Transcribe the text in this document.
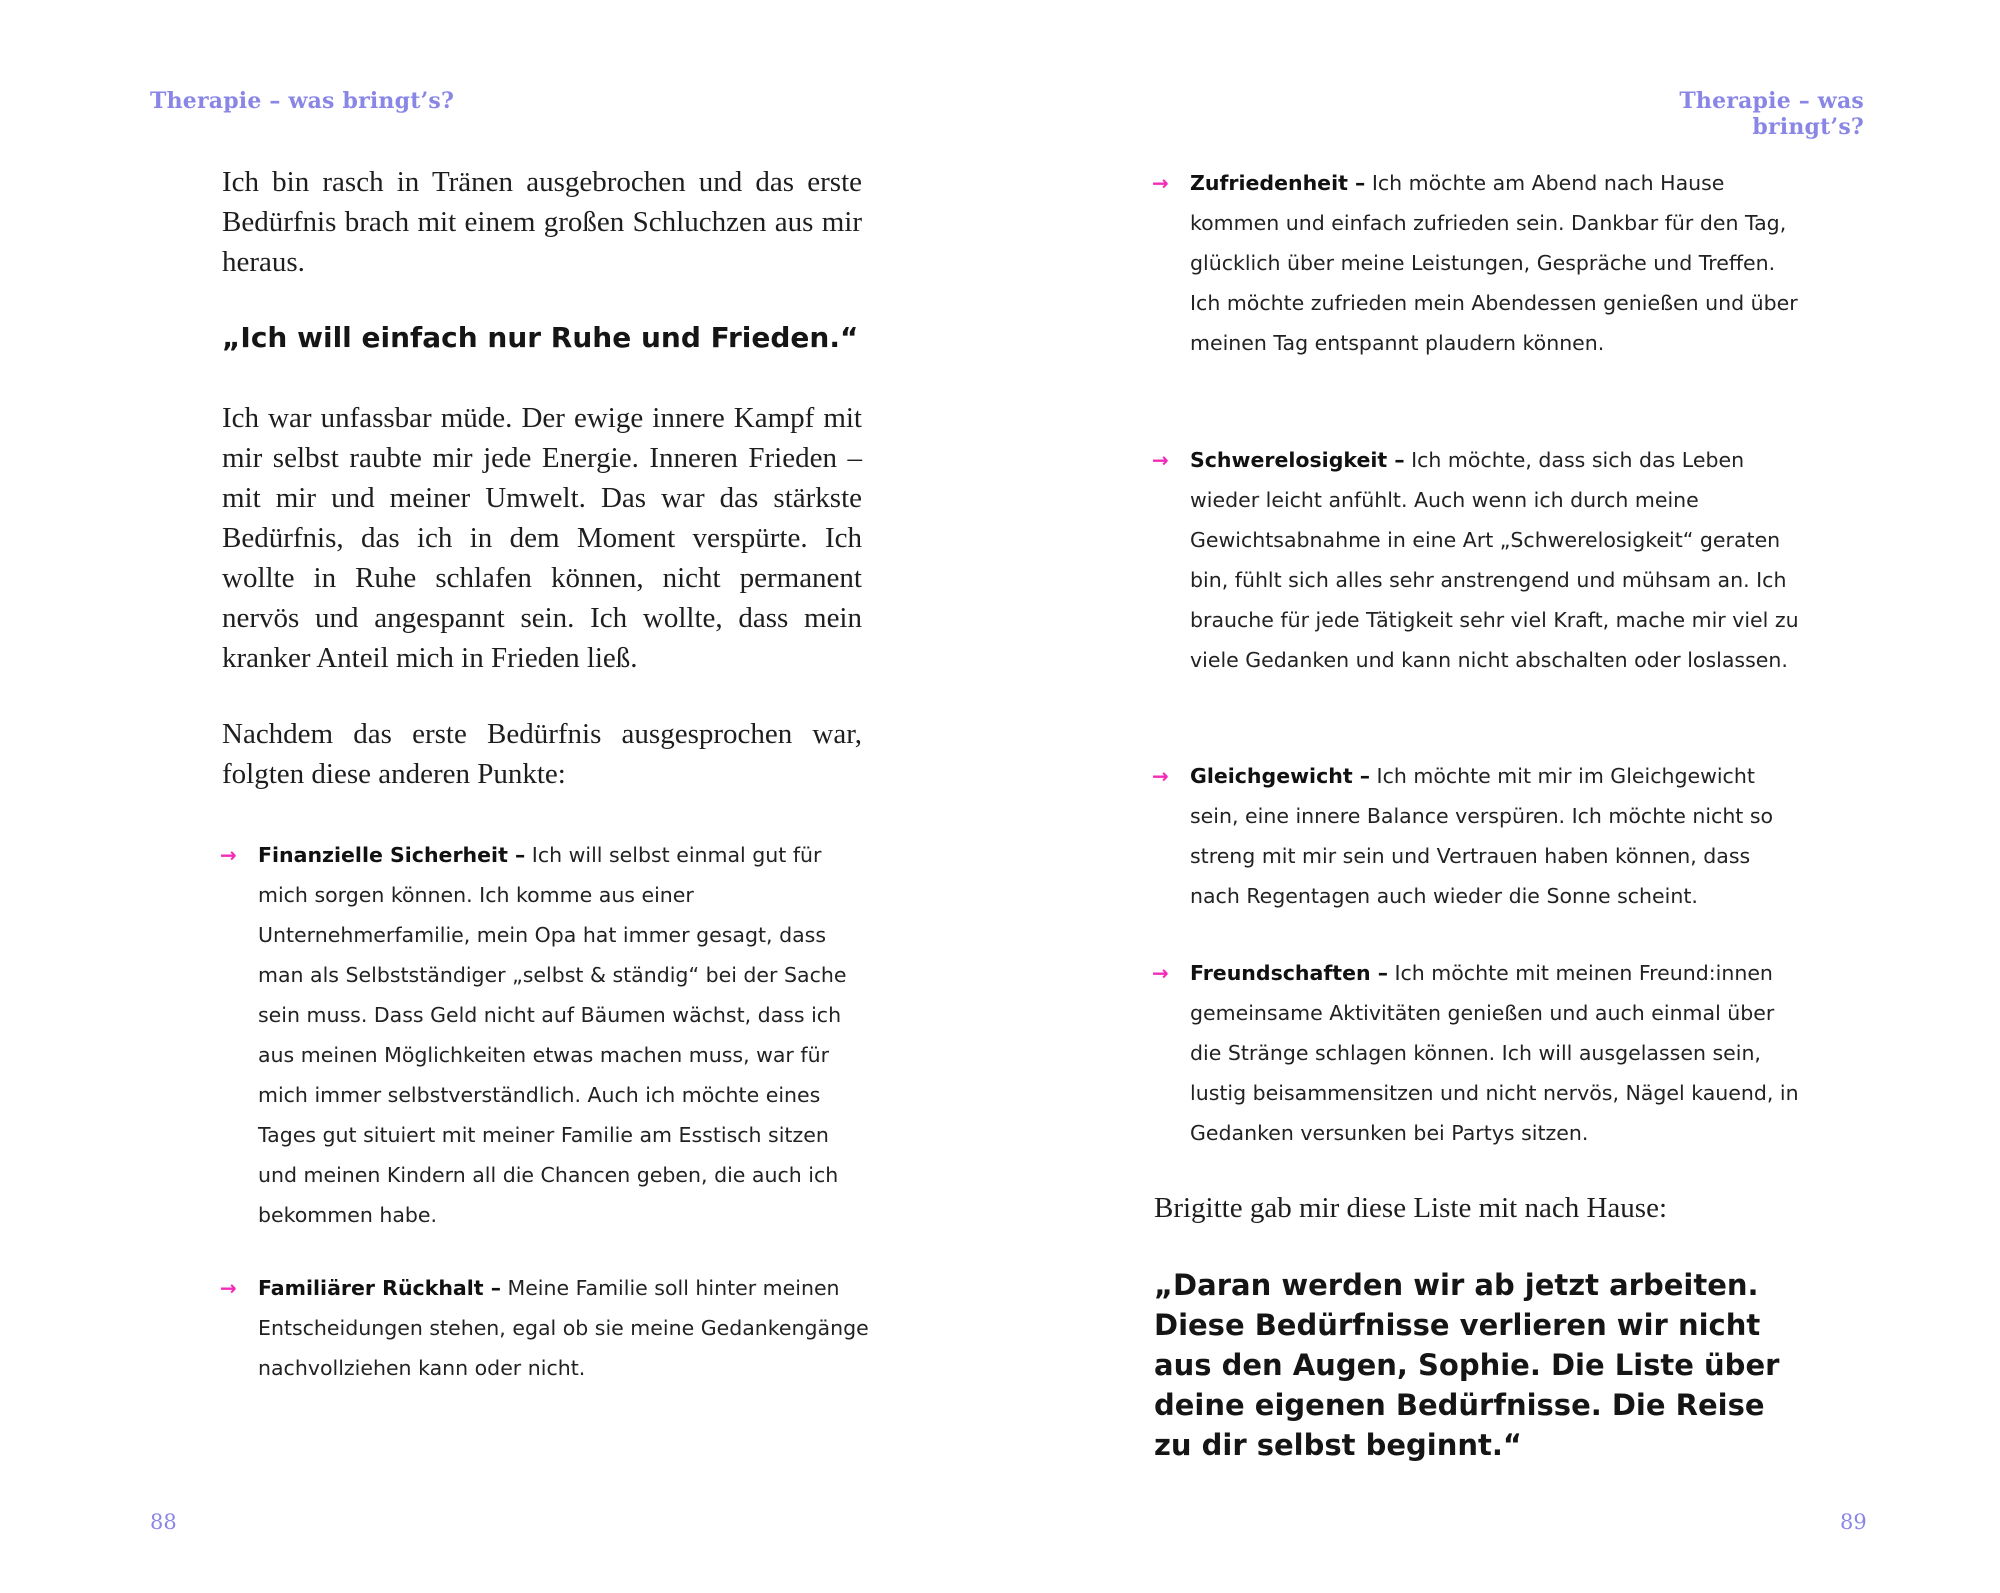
Therapie – was bringt’s?

Ich bin rasch in Tränen ausgebrochen und das erste Bedürfnis brach mit einem großen Schluchzen aus mir heraus.

„Ich will einfach nur Ruhe und Frieden.“

Ich war unfassbar müde. Der ewige innere Kampf mit mir selbst raubte mir jede Energie. Inneren Frieden – mit mir und meiner Umwelt. Das war das stärkste Bedürfnis, das ich in dem Moment verspürte. Ich wollte in Ruhe schlafen können, nicht permanent nervös und angespannt sein. Ich wollte, dass mein kranker Anteil mich in Frieden ließ.

Nachdem das erste Bedürfnis ausgesprochen war, folgten diese anderen Punkte:

→ Finanzielle Sicherheit – Ich will selbst einmal gut für mich sorgen können. Ich komme aus einer Unternehmerfamilie, mein Opa hat immer gesagt, dass man als Selbstständiger „selbst & ständig“ bei der Sache sein muss. Dass Geld nicht auf Bäumen wächst, dass ich aus meinen Möglichkeiten etwas machen muss, war für mich immer selbstverständlich. Auch ich möchte eines Tages gut situiert mit meiner Familie am Esstisch sitzen und meinen Kindern all die Chancen geben, die auch ich bekommen habe.
→ Familiärer Rückhalt – Meine Familie soll hinter meinen Entscheidungen stehen, egal ob sie meine Gedankengänge nachvollziehen kann oder nicht.
88
Therapie – was bringt’s?
→ Zufriedenheit – Ich möchte am Abend nach Hause kommen und einfach zufrieden sein. Dankbar für den Tag, glücklich über meine Leistungen, Gespräche und Treffen. Ich möchte zufrieden mein Abendessen genießen und über meinen Tag entspannt plaudern können.
→ Schwerelosigkeit – Ich möchte, dass sich das Leben wieder leicht anfühlt. Auch wenn ich durch meine Gewichtsabnahme in eine Art „Schwerelosigkeit“ geraten bin, fühlt sich alles sehr anstrengend und mühsam an. Ich brauche für jede Tätigkeit sehr viel Kraft, mache mir viel zu viele Gedanken und kann nicht abschalten oder loslassen.
→ Gleichgewicht – Ich möchte mit mir im Gleichgewicht sein, eine innere Balance verspüren. Ich möchte nicht so streng mit mir sein und Vertrauen haben können, dass nach Regentagen auch wieder die Sonne scheint.
→ Freundschaften – Ich möchte mit meinen Freund:innen gemeinsame Aktivitäten genießen und auch einmal über die Stränge schlagen können. Ich will ausgelassen sein, lustig beisammensitzen und nicht nervös, Nägel kauend, in Gedanken versunken bei Partys sitzen.

Brigitte gab mir diese Liste mit nach Hause:

„Daran werden wir ab jetzt arbeiten. Diese Bedürfnisse verlieren wir nicht aus den Augen, Sophie. Die Liste über deine eigenen Bedürfnisse. Die Reise zu dir selbst beginnt.“

89
